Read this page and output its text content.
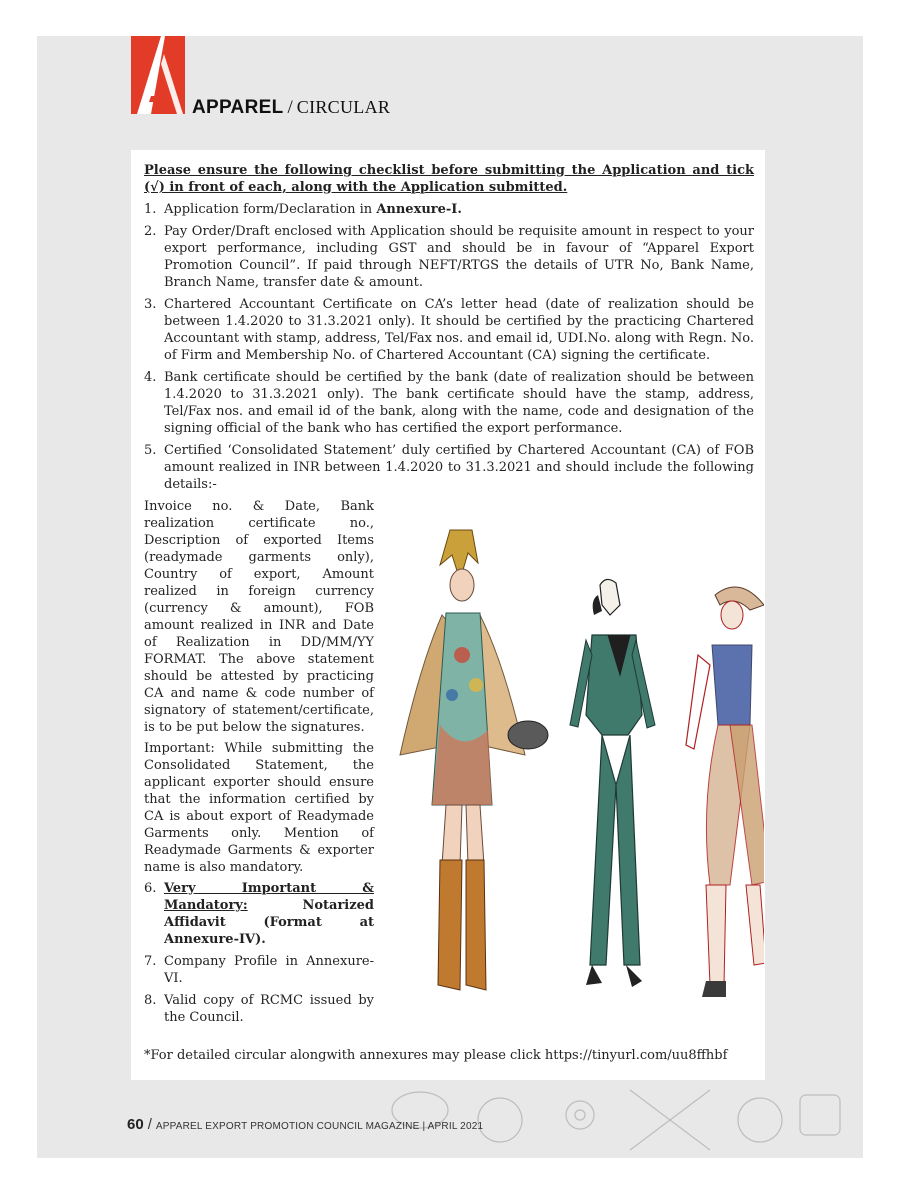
APPAREL / CIRCULAR

Please ensure the following checklist before submitting the Application and tick (√) in front of each, along with the Application submitted.

1. Application form/Declaration in Annexure-I.
2. Pay Order/Draft enclosed with Application should be requisite amount in respect to your export performance, including GST and should be in favour of “Apparel Export Promotion Council”. If paid through NEFT/RTGS the details of UTR No, Bank Name, Branch Name, transfer date & amount.
3. Chartered Accountant Certificate on CA’s letter head (date of realization should be between 1.4.2020 to 31.3.2021 only). It should be certified by the practicing Chartered Accountant with stamp, address, Tel/Fax nos. and email id, UDI.No. along with Regn. No. of Firm and Membership No. of Chartered Accountant (CA) signing the certificate.
4. Bank certificate should be certified by the bank (date of realization should be between 1.4.2020 to 31.3.2021 only). The bank certificate should have the stamp, address, Tel/Fax nos. and email id of the bank, along with the name, code and designation of the signing official of the bank who has certified the export performance.
5. Certified ‘Consolidated Statement’ duly certified by Chartered Accountant (CA) of FOB amount realized in INR between 1.4.2020 to 31.3.2021 and should include the following details:-

Invoice no. & Date, Bank realization certificate no., Description of exported Items (readymade garments only), Country of export, Amount realized in foreign currency (currency & amount), FOB amount realized in INR and Date of Realization in DD/MM/YY FORMAT. The above statement should be attested by practicing CA and name & code number of signatory of statement/certificate, is to be put below the signatures.

Important: While submitting the Consolidated Statement, the applicant exporter should ensure that the information certified by CA is about export of Readymade Garments only. Mention of Readymade Garments & exporter name is also mandatory.

6. Very Important & Mandatory: Notarized Affidavit (Format at Annexure-IV).
7. Company Profile in Annexure-VI.
8. Valid copy of RCMC issued by the Council.
*For detailed circular alongwith annexures may please click https://tinyurl.com/uu8ffhbf
60 / APPAREL EXPORT PROMOTION COUNCIL MAGAZINE | APRIL 2021
